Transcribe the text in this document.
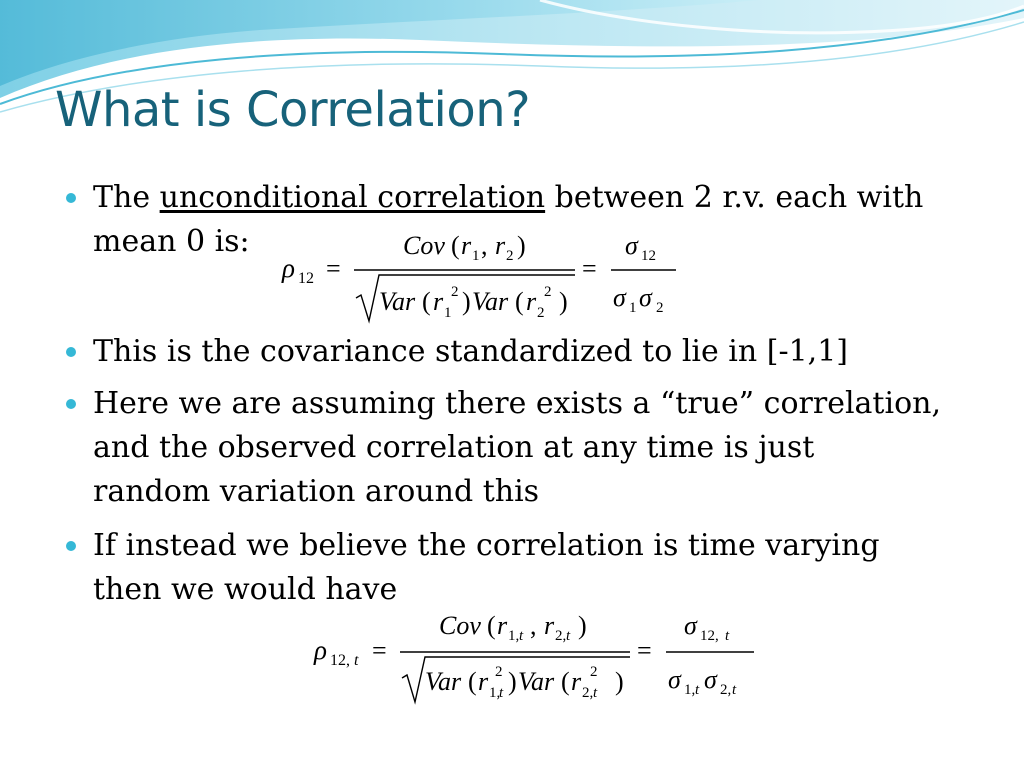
What is Correlation?
The unconditional correlation between 2 r.v. each with
mean 0 is:
This is the covariance standardized to lie in [-1,1]
Here we are assuming there exists a “true” correlation,
and the observed correlation at any time is just
random variation around this
If instead we believe the correlation is time varying
then we would have
ρ 12 =
Cov ( r 1 , r 2 )
Var ( r 1
2 ) Var ( r 2
2 )
=
σ 12
σ 1 σ 2
ρ 12, t =
Cov ( r 1, t , r 2, t )
Var ( r 1,
t
2 ) Var ( r 2, t
2 )
=
σ 12, t
σ 1, t σ 2, t
